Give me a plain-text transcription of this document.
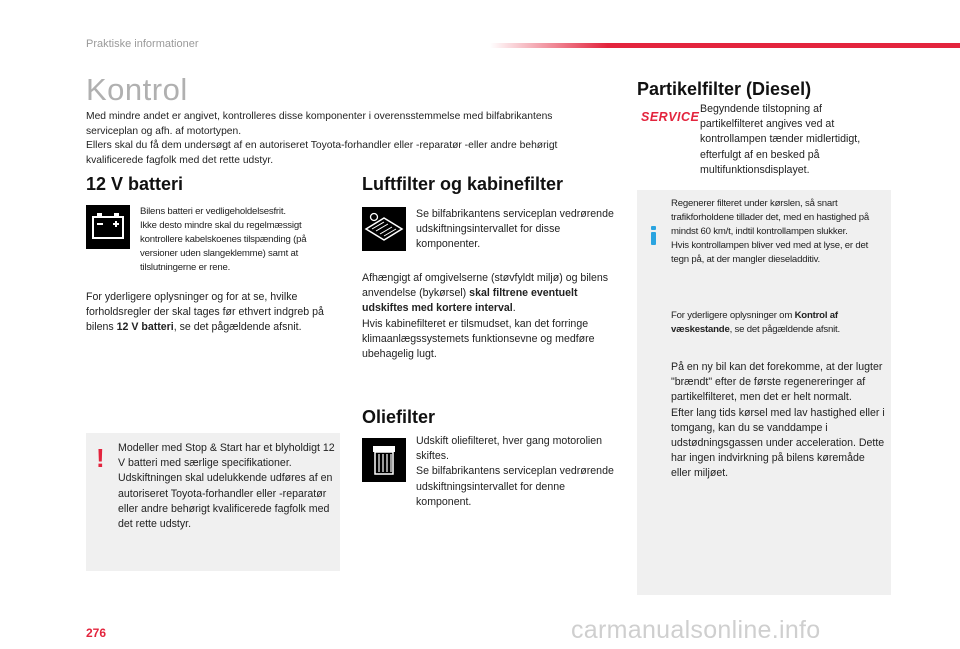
Praktiske informationer
Kontrol
Med mindre andet er angivet, kontrolleres disse komponenter i overensstemmelse med bilfabrikantens serviceplan og afh. af motortypen.
Ellers skal du få dem undersøgt af en autoriseret Toyota-forhandler eller -reparatør -eller andre behørigt kvalificerede fagfolk med det rette udstyr.
12 V batteri
Bilens batteri er vedligeholdelsesfrit.
Ikke desto mindre skal du regelmæssigt kontrollere kabelskoenes tilspænding (på versioner uden slangeklemme) samt at tilslutningerne er rene.
For yderligere oplysninger og for at se, hvilke forholdsregler der skal tages før ethvert indgreb på bilens 12 V batteri, se det pågældende afsnit.
! Modeller med Stop & Start har et blyholdigt 12 V batteri med særlige specifikationer.
Udskiftningen skal udelukkende udføres af en autoriseret Toyota-forhandler eller -reparatør eller andre behørigt kvalificerede fagfolk med det rette udstyr.
Luftfilter og kabinefilter
Se bilfabrikantens serviceplan vedrørende udskiftningsintervallet for disse komponenter.
Afhængigt af omgivelserne (støvfyldt miljø) og bilens anvendelse (bykørsel) skal filtrene eventuelt udskiftes med kortere interval.
Hvis kabinefilteret er tilsmudset, kan det forringe klimaanlægssystemets funktionsevne og medføre ubehagelig lugt.
Oliefilter
Udskift oliefilteret, hver gang motorolien skiftes.
Se bilfabrikantens serviceplan vedrørende udskiftningsintervallet for denne komponent.
Partikelfilter (Diesel)
SERVICE
Begyndende tilstopning af partikelfilteret angives ved at kontrollampen tænder midlertidigt, efterfulgt af en besked på multifunktionsdisplayet.
Regenerer filteret under kørslen, så snart trafikforholdene tillader det, med en hastighed på mindst 60 km/t, indtil kontrollampen slukker.
Hvis kontrollampen bliver ved med at lyse, er det tegn på, at der mangler dieseladditiv.
For yderligere oplysninger om Kontrol af væskestande, se det pågældende afsnit.
På en ny bil kan det forekomme, at der lugter "brændt" efter de første regenereringer af partikelfilteret, men det er helt normalt.
Efter lang tids kørsel med lav hastighed eller i tomgang, kan du se vanddampe i udstødningsgassen under acceleration. Dette har ingen indvirkning på bilens køremåde eller miljøet.
276	carmanualsonline.info
